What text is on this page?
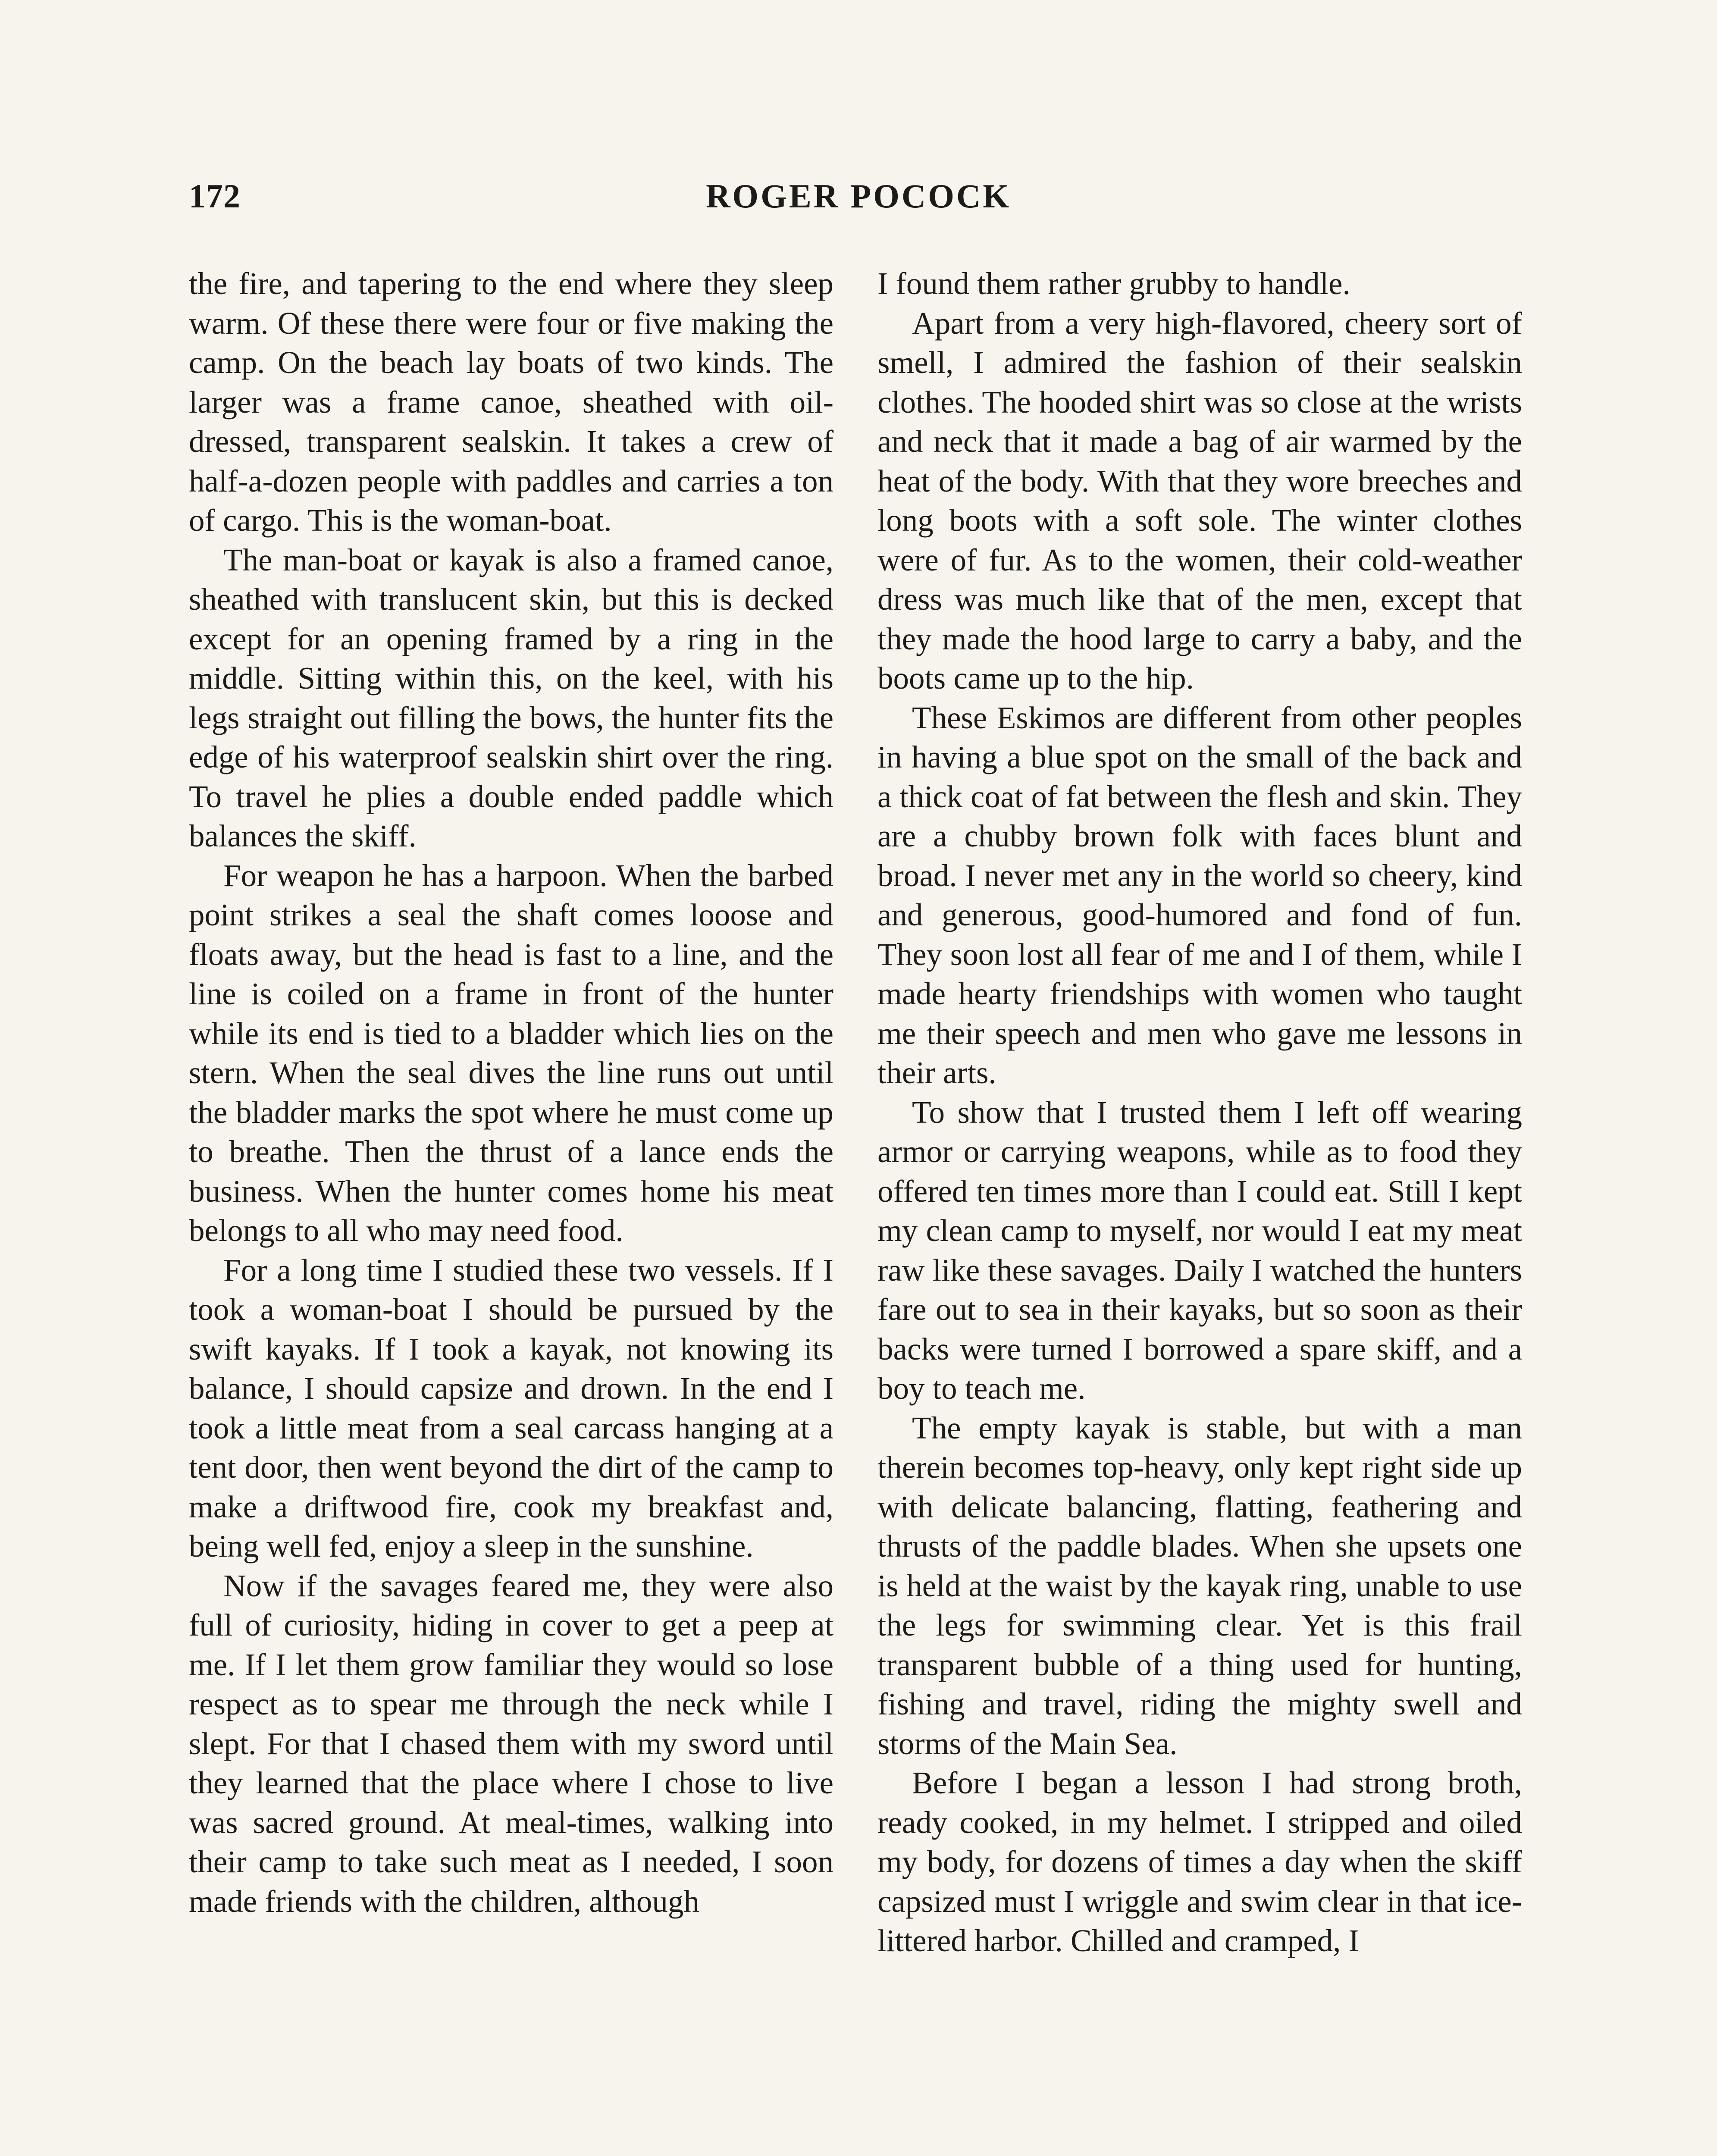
172	ROGER POCOCK

the fire, and tapering to the end where they sleep warm. Of these there were four or five making the camp. On the beach lay boats of two kinds. The larger was a frame canoe, sheathed with oil-dressed, transparent sealskin. It takes a crew of half-a-dozen people with paddles and carries a ton of cargo. This is the woman-boat.

The man-boat or kayak is also a framed canoe, sheathed with translucent skin, but this is decked except for an opening framed by a ring in the middle. Sitting within this, on the keel, with his legs straight out filling the bows, the hunter fits the edge of his waterproof sealskin shirt over the ring. To travel he plies a double ended paddle which balances the skiff.

For weapon he has a harpoon. When the barbed point strikes a seal the shaft comes looose and floats away, but the head is fast to a line, and the line is coiled on a frame in front of the hunter while its end is tied to a bladder which lies on the stern. When the seal dives the line runs out until the bladder marks the spot where he must come up to breathe. Then the thrust of a lance ends the business. When the hunter comes home his meat belongs to all who may need food.

For a long time I studied these two vessels. If I took a woman-boat I should be pursued by the swift kayaks. If I took a kayak, not knowing its balance, I should capsize and drown. In the end I took a little meat from a seal carcass hanging at a tent door, then went beyond the dirt of the camp to make a driftwood fire, cook my breakfast and, being well fed, enjoy a sleep in the sunshine.

Now if the savages feared me, they were also full of curiosity, hiding in cover to get a peep at me. If I let them grow familiar they would so lose respect as to spear me through the neck while I slept. For that I chased them with my sword until they learned that the place where I chose to live was sacred ground. At meal-times, walking into their camp to take such meat as I needed, I soon made friends with the children, although

I found them rather grubby to handle.

Apart from a very high-flavored, cheery sort of smell, I admired the fashion of their sealskin clothes. The hooded shirt was so close at the wrists and neck that it made a bag of air warmed by the heat of the body. With that they wore breeches and long boots with a soft sole. The winter clothes were of fur. As to the women, their cold-weather dress was much like that of the men, except that they made the hood large to carry a baby, and the boots came up to the hip.

These Eskimos are different from other peoples in having a blue spot on the small of the back and a thick coat of fat between the flesh and skin. They are a chubby brown folk with faces blunt and broad. I never met any in the world so cheery, kind and generous, good-humored and fond of fun. They soon lost all fear of me and I of them, while I made hearty friendships with women who taught me their speech and men who gave me lessons in their arts.

To show that I trusted them I left off wearing armor or carrying weapons, while as to food they offered ten times more than I could eat. Still I kept my clean camp to myself, nor would I eat my meat raw like these savages. Daily I watched the hunters fare out to sea in their kayaks, but so soon as their backs were turned I borrowed a spare skiff, and a boy to teach me.

The empty kayak is stable, but with a man therein becomes top-heavy, only kept right side up with delicate balancing, flatting, feathering and thrusts of the paddle blades. When she upsets one is held at the waist by the kayak ring, unable to use the legs for swimming clear. Yet is this frail transparent bubble of a thing used for hunting, fishing and travel, riding the mighty swell and storms of the Main Sea.

Before I began a lesson I had strong broth, ready cooked, in my helmet. I stripped and oiled my body, for dozens of times a day when the skiff capsized must I wriggle and swim clear in that ice-littered harbor. Chilled and cramped, I
